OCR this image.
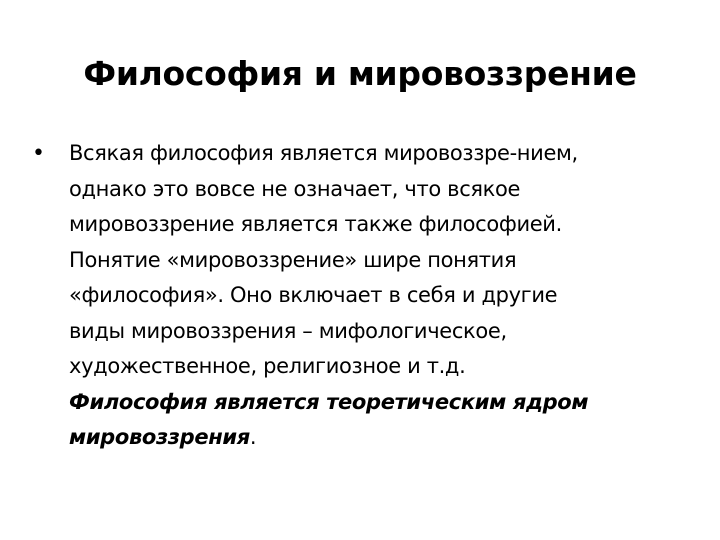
Философия и мировоззрение
• Всякая философия является мировоззре-нием,
однако это вовсе не означает, что всякое
мировоззрение является также философией.
Понятие «мировоззрение» шире понятия
«философия». Оно включает в себя и другие
виды мировоззрения – мифологическое,
художественное, религиозное и т.д.
Философия является теоретическим ядром
мировоззрения.
